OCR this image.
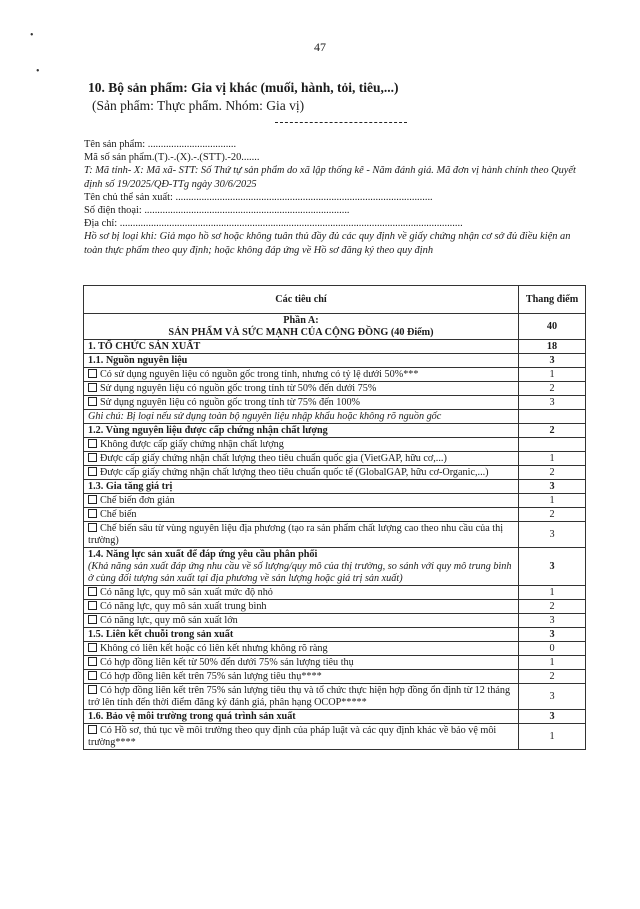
•
•
47
10. Bộ sản phẩm: Gia vị khác (muối, hành, tỏi, tiêu,...)
(Sản phẩm: Thực phẩm. Nhóm: Gia vị)

Tên sản phẩm: ..................................

Mã số sản phẩm.(T).-.(X).-.(STT).-20.......

T: Mã tỉnh- X: Mã xã- STT: Số Thứ tự sản phẩm do xã lập thống kê - Năm đánh giá. Mã đơn vị hành chính theo Quyết định số 19/2025/QĐ-TTg ngày 30/6/2025

Tên chủ thể sản xuất: ...................................................................................................

Số điện thoại: ...............................................................................

Địa chỉ: ....................................................................................................................................

Hồ sơ bị loại khi: Giả mạo hồ sơ hoặc không tuân thủ đầy đủ các quy định về giấy chứng nhận cơ sở đủ điều kiện an toàn thực phẩm theo quy định; hoặc không đáp ứng về Hồ sơ đăng ký theo quy định

Các tiêu chí	Thang điểm

Phần A:
SẢN PHẨM VÀ SỨC MẠNH CỦA CỘNG ĐỒNG (40 Điểm)	40
1. TỔ CHỨC SẢN XUẤT	18
1.1. Nguồn nguyên liệu	3
Có sử dụng nguyên liệu có nguồn gốc trong tỉnh, nhưng có tỷ lệ dưới 50%***	1
Sử dụng nguyên liệu có nguồn gốc trong tỉnh từ 50% đến dưới 75%	2
Sử dụng nguyên liệu có nguồn gốc trong tỉnh từ 75% đến 100%	3
Ghi chú: Bị loại nếu sử dụng toàn bộ nguyên liệu nhập khẩu hoặc không rõ nguồn gốc	
1.2. Vùng nguyên liệu được cấp chứng nhận chất lượng	2
Không được cấp giấy chứng nhận chất lượng	
Được cấp giấy chứng nhận chất lượng theo tiêu chuẩn quốc gia (VietGAP, hữu cơ,...)	1
Được cấp giấy chứng nhận chất lượng theo tiêu chuẩn quốc tế (GlobalGAP, hữu cơ-Organic,...)	2
1.3. Gia tăng giá trị	3
Chế biến đơn giản	1
Chế biến	2
Chế biến sâu từ vùng nguyên liệu địa phương (tạo ra sản phẩm chất lượng cao theo nhu cầu của thị trường)	3
1.4. Năng lực sản xuất để đáp ứng yêu cầu phân phối
(Khả năng sản xuất đáp ứng nhu cầu về số lượng/quy mô của thị trường, so sánh với quy mô trung bình ở cùng đối tượng sản xuất tại địa phương về sản lượng hoặc giá trị sản xuất)	3
Có năng lực, quy mô sản xuất mức độ nhỏ	1
Có năng lực, quy mô sản xuất trung bình	2
Có năng lực, quy mô sản xuất lớn	3
1.5. Liên kết chuỗi trong sản xuất	3
Không có liên kết hoặc có liên kết nhưng không rõ ràng	0
Có hợp đồng liên kết từ 50% đến dưới 75% sản lượng tiêu thụ	1
Có hợp đồng liên kết trên 75% sản lượng tiêu thụ****	2
Có hợp đồng liên kết trên 75% sản lượng tiêu thụ và tổ chức thực hiện hợp đồng ổn định từ 12 tháng trở lên tính đến thời điểm đăng ký đánh giá, phân hạng OCOP*****	3
1.6. Bảo vệ môi trường trong quá trình sản xuất	3
Có Hồ sơ, thủ tục về môi trường theo quy định của pháp luật và các quy định khác về bảo vệ môi trường****	1
